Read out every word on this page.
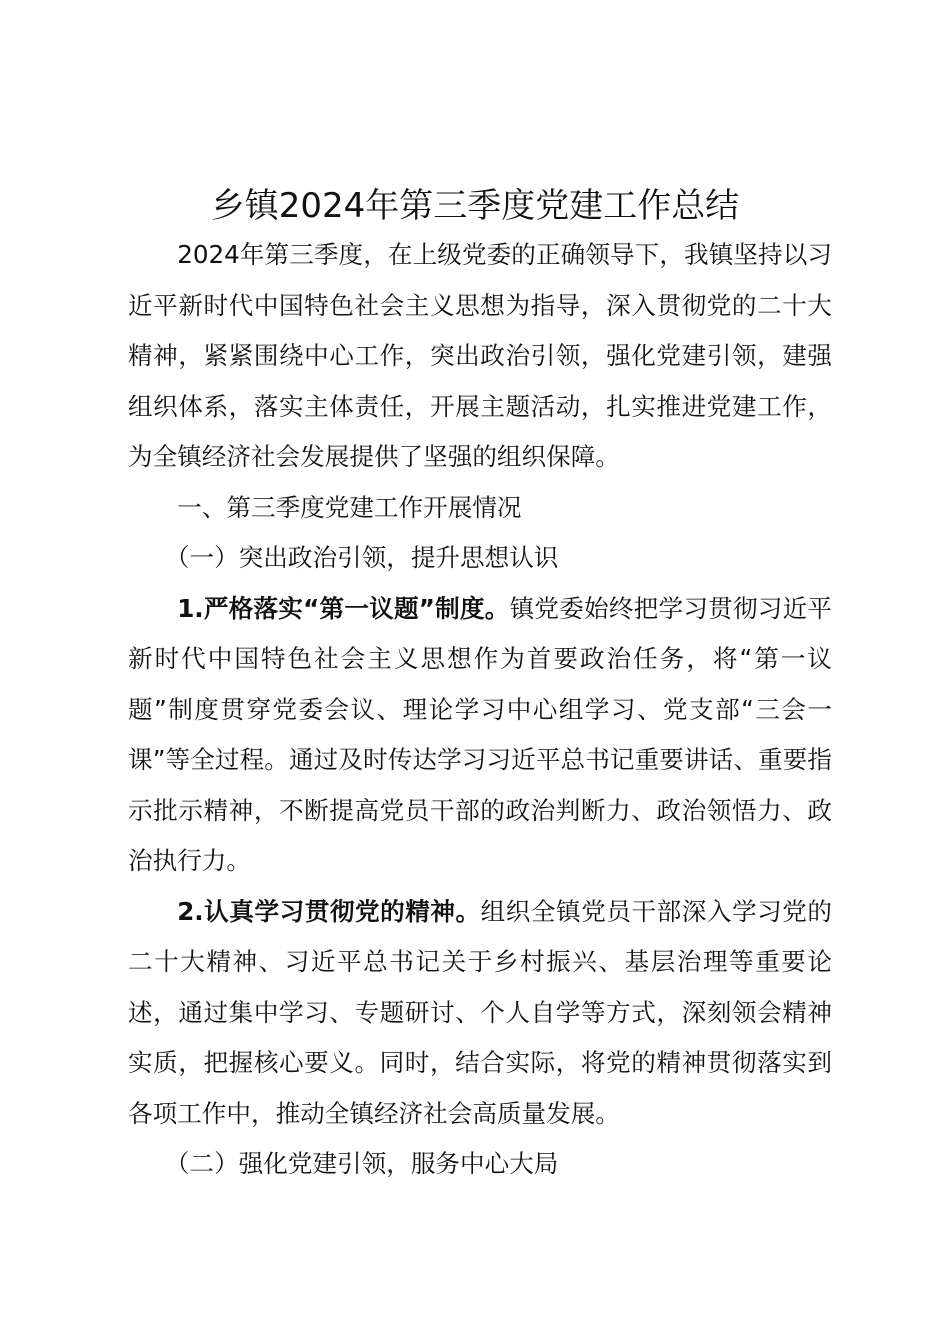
乡镇2024年第三季度党建工作总结

2024年第三季度，在上级党委的正确领导下，我镇坚持以习近平新时代中国特色社会主义思想为指导，深入贯彻党的二十大精神，紧紧围绕中心工作，突出政治引领，强化党建引领，建强组织体系，落实主体责任，开展主题活动，扎实推进党建工作，为全镇经济社会发展提供了坚强的组织保障。

一、第三季度党建工作开展情况

（一）突出政治引领，提升思想认识

1.严格落实“第一议题”制度。镇党委始终把学习贯彻习近平新时代中国特色社会主义思想作为首要政治任务，将“第一议题”制度贯穿党委会议、理论学习中心组学习、党支部“三会一课”等全过程。通过及时传达学习习近平总书记重要讲话、重要指示批示精神，不断提高党员干部的政治判断力、政治领悟力、政治执行力。

2.认真学习贯彻党的精神。组织全镇党员干部深入学习党的二十大精神、习近平总书记关于乡村振兴、基层治理等重要论述，通过集中学习、专题研讨、个人自学等方式，深刻领会精神实质，把握核心要义。同时，结合实际，将党的精神贯彻落实到各项工作中，推动全镇经济社会高质量发展。

（二）强化党建引领，服务中心大局
